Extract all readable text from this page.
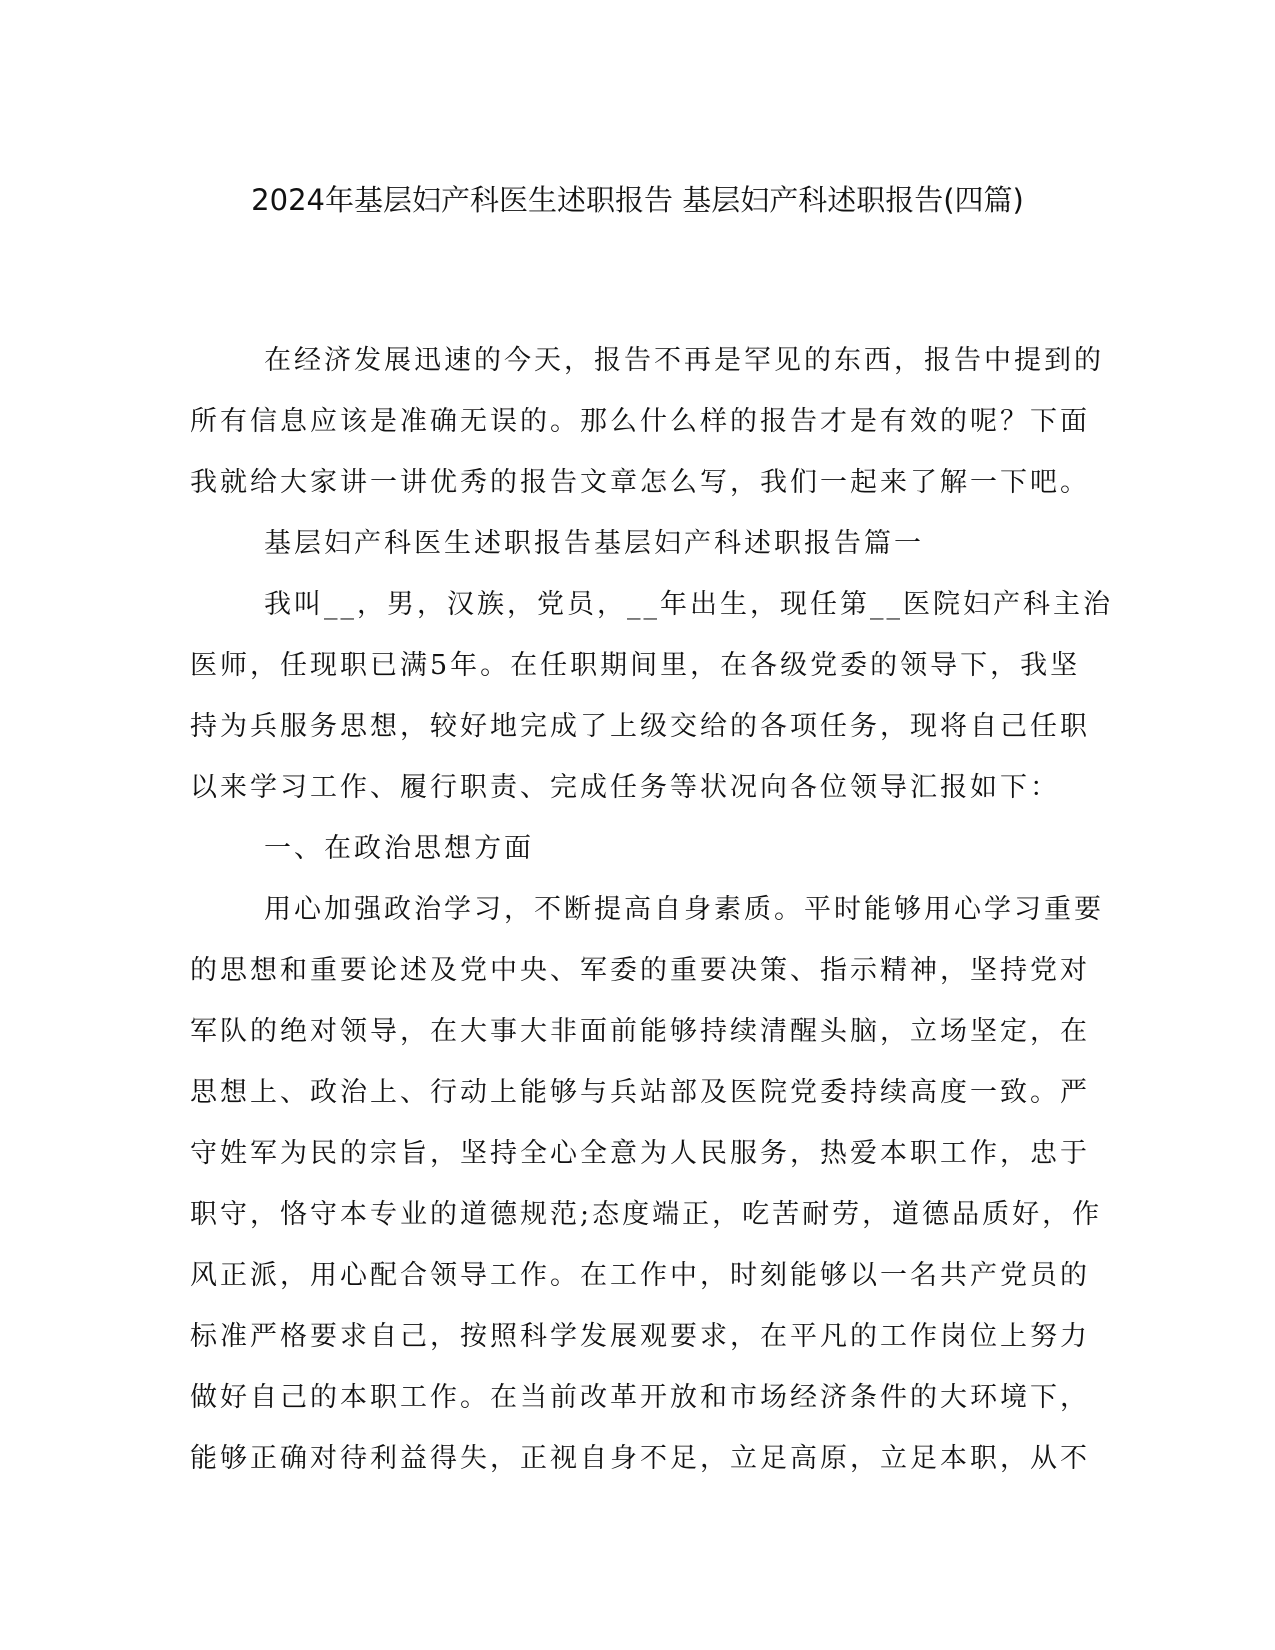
2024年基层妇产科医生述职报告 基层妇产科述职报告(四篇)
在经济发展迅速的今天，报告不再是罕见的东西，报告中提到的
所有信息应该是准确无误的。那么什么样的报告才是有效的呢？下面
我就给大家讲一讲优秀的报告文章怎么写，我们一起来了解一下吧。
基层妇产科医生述职报告基层妇产科述职报告篇一
我叫__，男，汉族，党员，__年出生，现任第__医院妇产科主治
医师，任现职已满5年。在任职期间里，在各级党委的领导下，我坚
持为兵服务思想，较好地完成了上级交给的各项任务，现将自己任职
以来学习工作、履行职责、完成任务等状况向各位领导汇报如下：
一、在政治思想方面
用心加强政治学习，不断提高自身素质。平时能够用心学习重要
的思想和重要论述及党中央、军委的重要决策、指示精神，坚持党对
军队的绝对领导，在大事大非面前能够持续清醒头脑，立场坚定，在
思想上、政治上、行动上能够与兵站部及医院党委持续高度一致。严
守姓军为民的宗旨，坚持全心全意为人民服务，热爱本职工作，忠于
职守，恪守本专业的道德规范;态度端正，吃苦耐劳，道德品质好，作
风正派，用心配合领导工作。在工作中，时刻能够以一名共产党员的
标准严格要求自己，按照科学发展观要求，在平凡的工作岗位上努力
做好自己的本职工作。在当前改革开放和市场经济条件的大环境下，
能够正确对待利益得失，正视自身不足，立足高原，立足本职，从不
